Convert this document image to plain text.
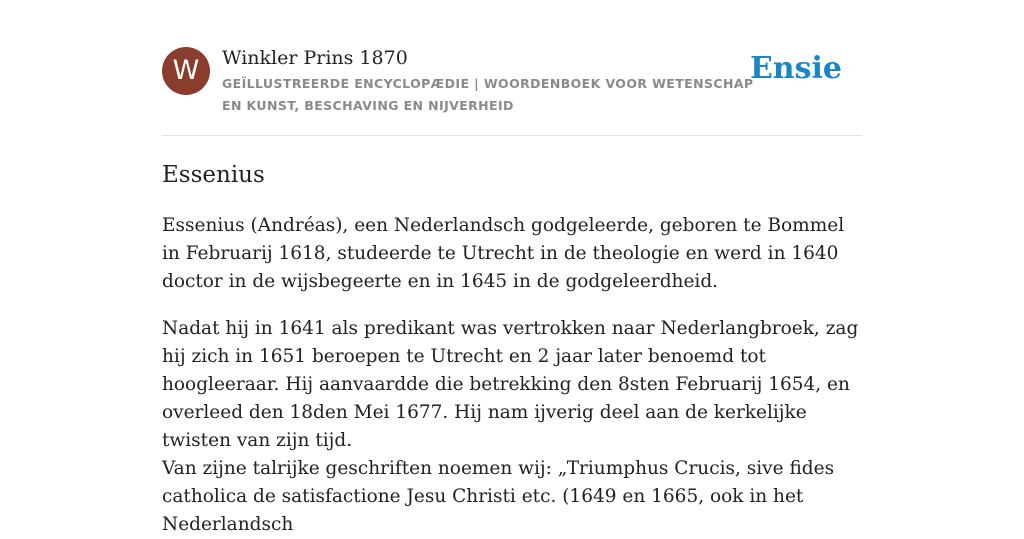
W	Winkler Prins 1870
GEÏLLUSTREERDE ENCYCLOPÆDIE | WOORDENBOEK VOOR WETENSCHAP EN KUNST, BESCHAVING EN NIJVERHEID
Ensie
Essenius

Essenius (Andréas), een Nederlandsch godgeleerde, geboren te Bommel in Februarij 1618, studeerde te Utrecht in de theologie en werd in 1640 doctor in de wijsbegeerte en in 1645 in de godgeleerdheid.

Nadat hij in 1641 als predikant was vertrokken naar Nederlangbroek, zag hij zich in 1651 beroepen te Utrecht en 2 jaar later benoemd tot hoogleeraar. Hij aanvaardde die betrekking den 8sten Februarij 1654, en overleed den 18den Mei 1677. Hij nam ijverig deel aan de kerkelijke twisten van zijn tijd.

Van zijne talrijke geschriften noemen wij: „Triumphus Crucis, sive fides catholica de satisfactione Jesu Christi etc. (1649 en 1665, ook in het Nederlandsch
